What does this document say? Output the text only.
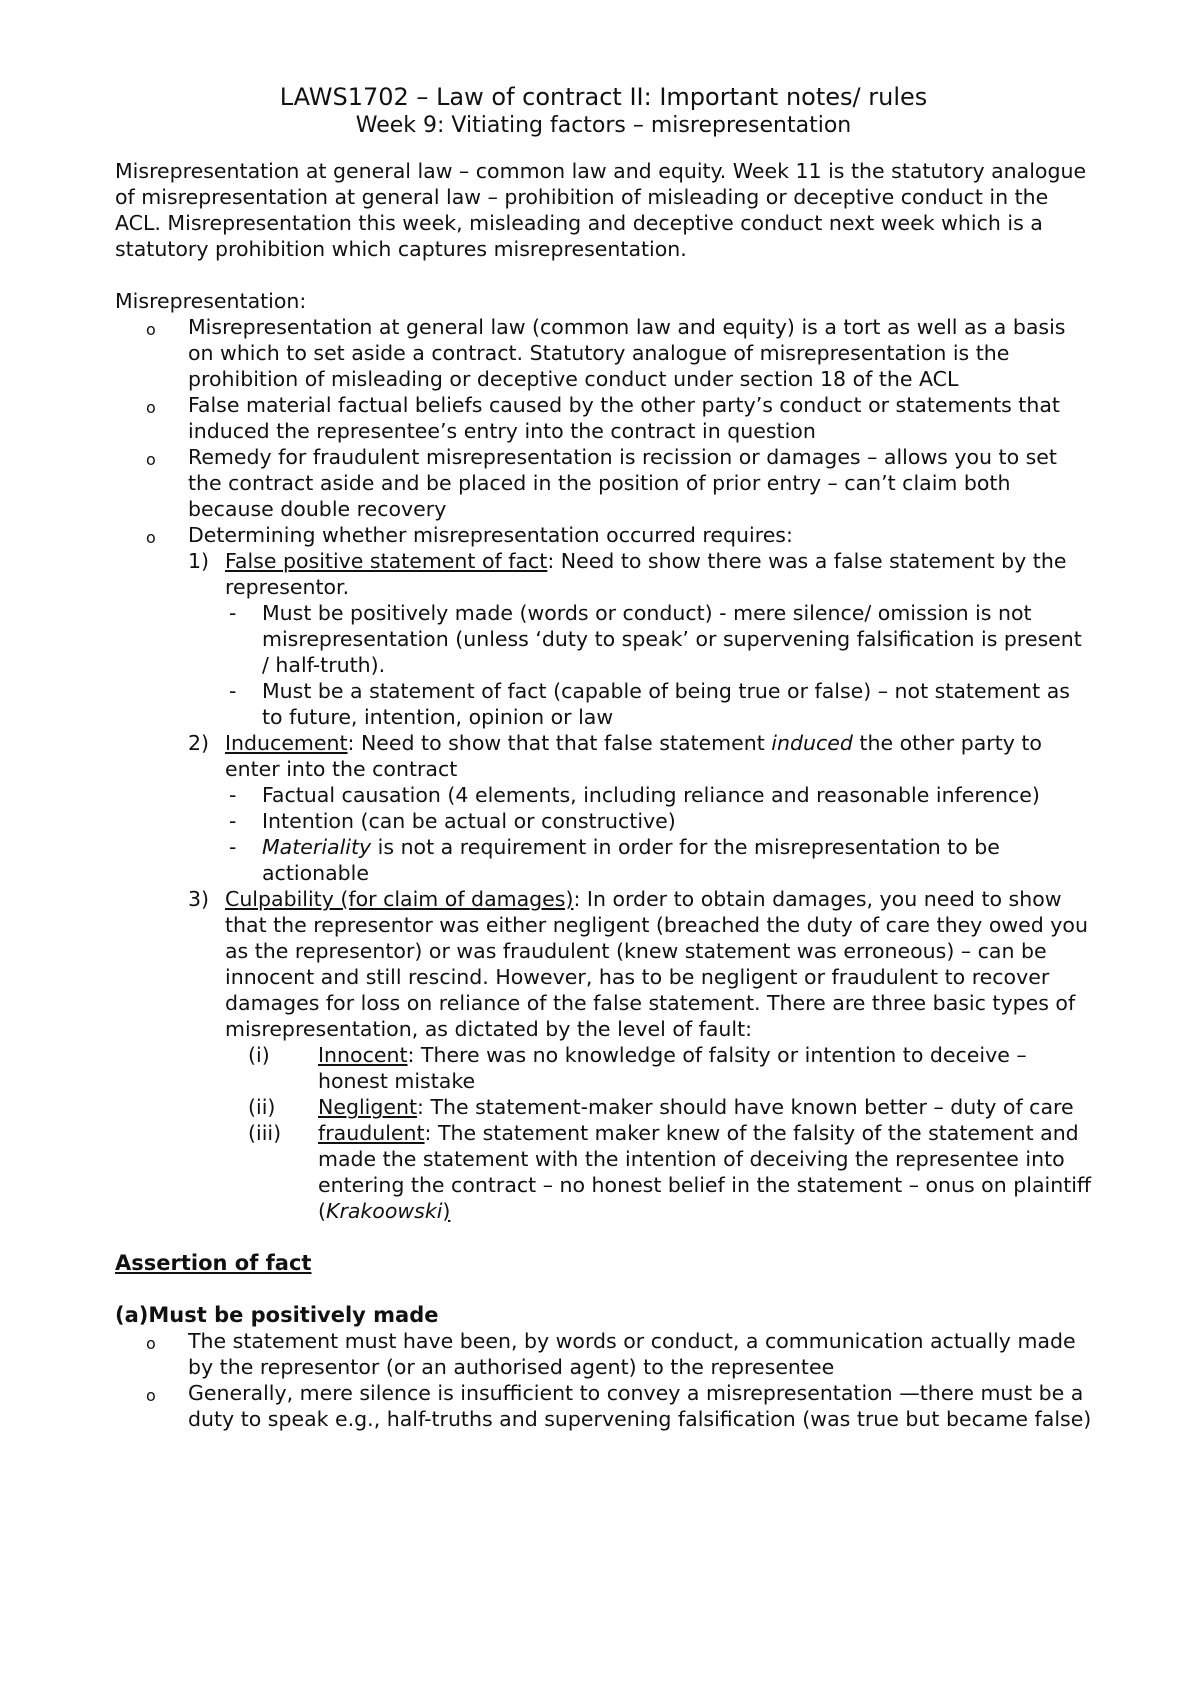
LAWS1702 – Law of contract II: Important notes/ rules
Week 9: Vitiating factors – misrepresentation

Misrepresentation at general law – common law and equity. Week 11 is the statutory analogue of misrepresentation at general law – prohibition of misleading or deceptive conduct in the ACL. Misrepresentation this week, misleading and deceptive conduct next week which is a statutory prohibition which captures misrepresentation.

Misrepresentation:

o Misrepresentation at general law (common law and equity) is a tort as well as a basis on which to set aside a contract. Statutory analogue of misrepresentation is the prohibition of misleading or deceptive conduct under section 18 of the ACL
o False material factual beliefs caused by the other party’s conduct or statements that induced the representee’s entry into the contract in question
o Remedy for fraudulent misrepresentation is recission or damages – allows you to set the contract aside and be placed in the position of prior entry – can’t claim both because double recovery
o Determining whether misrepresentation occurred requires:
1) False positive statement of fact: Need to show there was a false statement by the representor.
- Must be positively made (words or conduct) - mere silence/ omission is not misrepresentation (unless ‘duty to speak’ or supervening falsification is present / half-truth).
- Must be a statement of fact (capable of being true or false) – not statement as to future, intention, opinion or law
2) Inducement: Need to show that that false statement induced the other party to enter into the contract
- Factual causation (4 elements, including reliance and reasonable inference)
- Intention (can be actual or constructive)
- Materiality is not a requirement in order for the misrepresentation to be actionable
3) Culpability (for claim of damages): In order to obtain damages, you need to show that the representor was either negligent (breached the duty of care they owed you as the representor) or was fraudulent (knew statement was erroneous) – can be innocent and still rescind. However, has to be negligent or fraudulent to recover damages for loss on reliance of the false statement. There are three basic types of misrepresentation, as dictated by the level of fault:
(i) Innocent: There was no knowledge of falsity or intention to deceive – honest mistake
(ii) Negligent: The statement-maker should have known better – duty of care
(iii) fraudulent: The statement maker knew of the falsity of the statement and made the statement with the intention of deceiving the representee into entering the contract – no honest belief in the statement – onus on plaintiff (Krakoowski)

Assertion of fact

(a)Must be positively made

o The statement must have been, by words or conduct, a communication actually made by the representor (or an authorised agent) to the representee
o Generally, mere silence is insufficient to convey a misrepresentation —there must be a duty to speak e.g., half-truths and supervening falsification (was true but became false)
